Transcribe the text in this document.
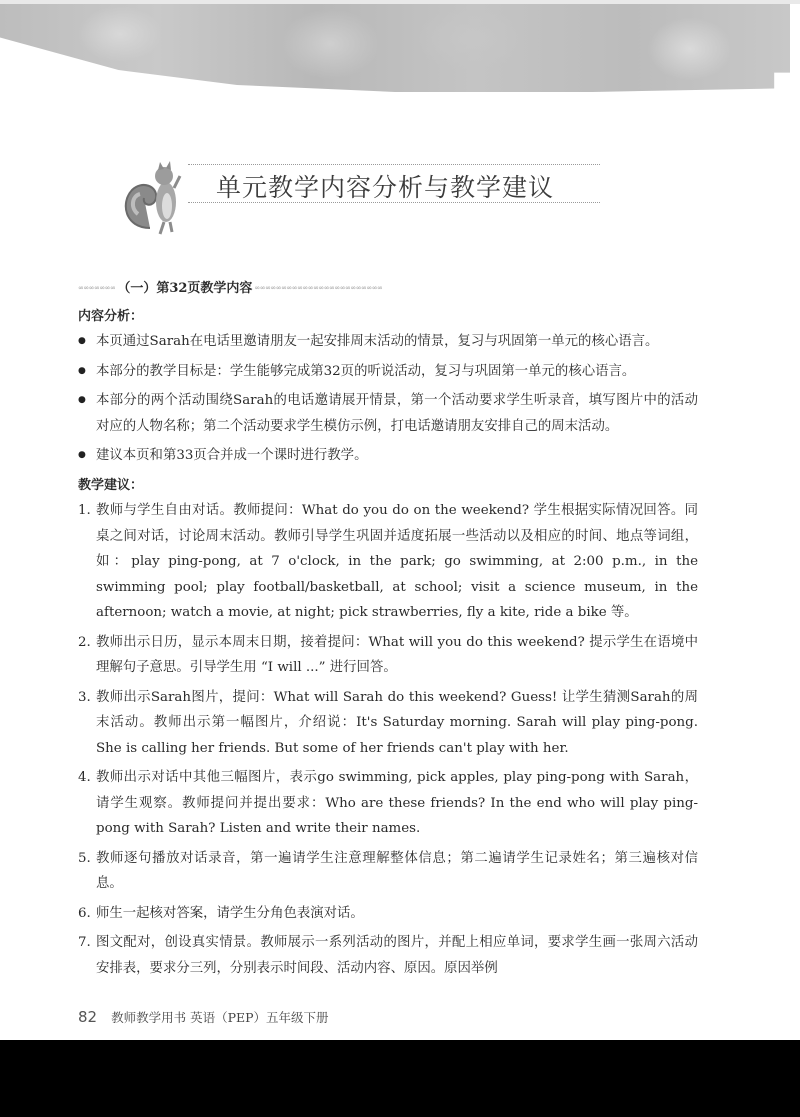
单元教学内容分析与教学建议
∞∞∞∞∞∞∞ （一）第32页教学内容 ∞∞∞∞∞∞∞∞∞∞∞∞∞∞∞∞∞∞∞∞∞∞∞∞
内容分析：
● 本页通过Sarah在电话里邀请朋友一起安排周末活动的情景，复习与巩固第一单元的核心语言。
● 本部分的教学目标是：学生能够完成第32页的听说活动，复习与巩固第一单元的核心语言。
● 本部分的两个活动围绕Sarah的电话邀请展开情景，第一个活动要求学生听录音，填写图片中的活动对应的人物名称；第二个活动要求学生模仿示例，打电话邀请朋友安排自己的周末活动。
● 建议本页和第33页合并成一个课时进行教学。
教学建议：
1. 教师与学生自由对话。教师提问：What do you do on the weekend? 学生根据实际情况回答。同桌之间对话，讨论周末活动。教师引导学生巩固并适度拓展一些活动以及相应的时间、地点等词组，如：play ping-pong, at 7 o'clock, in the park; go swimming, at 2:00 p.m., in the swimming pool; play football/basketball, at school; visit a science museum, in the afternoon; watch a movie, at night; pick strawberries, fly a kite, ride a bike 等。
2. 教师出示日历，显示本周末日期，接着提问：What will you do this weekend? 提示学生在语境中理解句子意思。引导学生用 “I will ...” 进行回答。
3. 教师出示Sarah图片，提问：What will Sarah do this weekend? Guess! 让学生猜测Sarah的周末活动。教师出示第一幅图片，介绍说：It's Saturday morning. Sarah will play ping-pong. She is calling her friends. But some of her friends can't play with her.
4. 教师出示对话中其他三幅图片，表示go swimming, pick apples, play ping-pong with Sarah，请学生观察。教师提问并提出要求：Who are these friends? In the end who will play ping-pong with Sarah? Listen and write their names.
5. 教师逐句播放对话录音，第一遍请学生注意理解整体信息；第二遍请学生记录姓名；第三遍核对信息。
6. 师生一起核对答案，请学生分角色表演对话。
7. 图文配对，创设真实情景。教师展示一系列活动的图片，并配上相应单词，要求学生画一张周六活动安排表，要求分三列，分别表示时间段、活动内容、原因。原因举例
82 教师教学用书 英语（PEP）五年级下册
